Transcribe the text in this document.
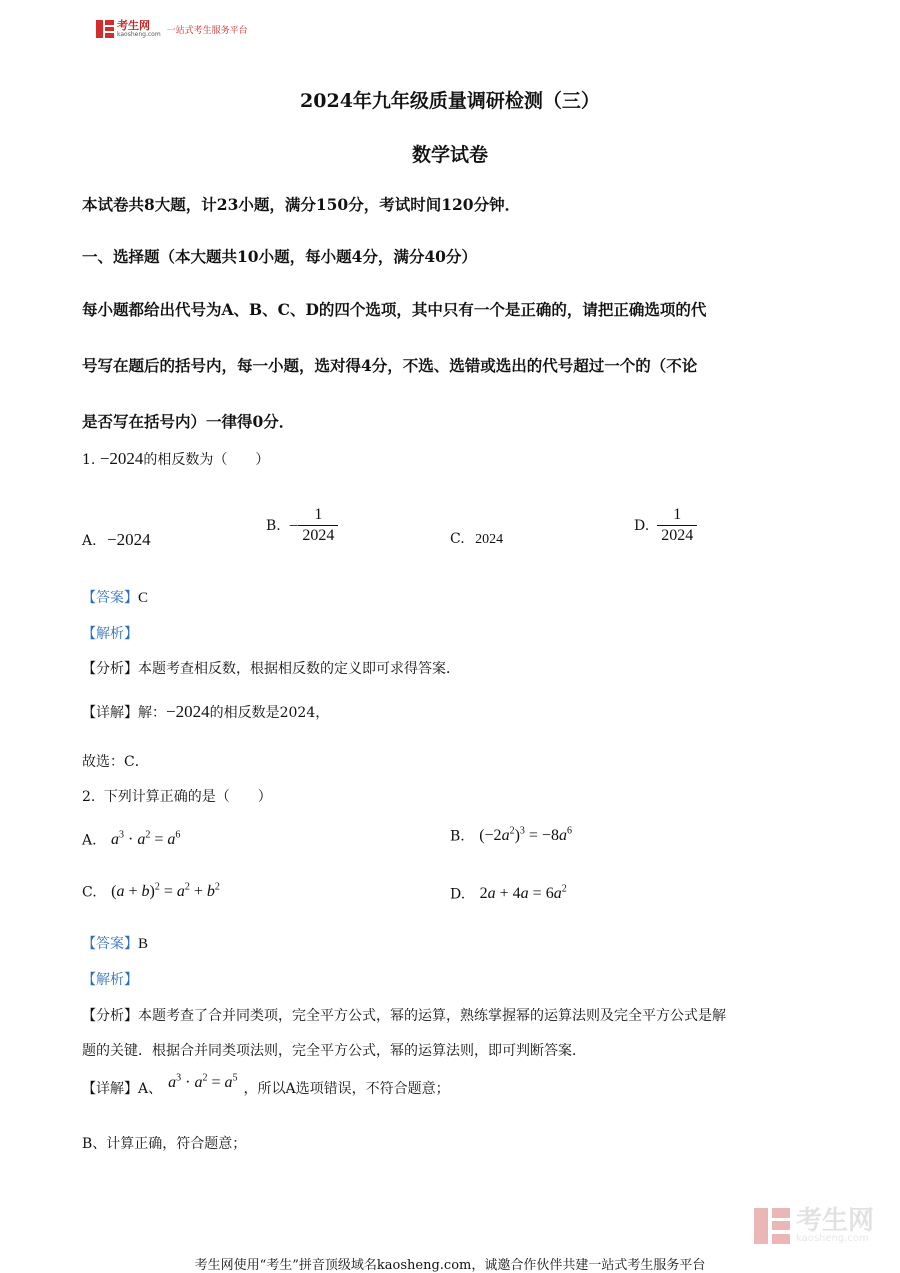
考生网
kaosheng.com 一站式考生服务平台
2024年九年级质量调研检测（三）
数学试卷
本试卷共8大题，计23小题，满分150分，考试时间120分钟．
一、选择题（本大题共10小题，每小题4分，满分40分）
每小题都给出代号为A、B、C、D的四个选项，其中只有一个是正确的，请把正确选项的代
号写在题后的括号内，每一小题，选对得4分，不选、选错或选出的代号超过一个的（不论
是否写在括号内）一律得0分．
1. −2024的相反数为（　　）
A. −2024
B. − $\frac{1}{2024}$	C. 2024
D. $\frac{1}{2024}$
【答案】C
【解析】
【分析】本题考查相反数，根据相反数的定义即可求得答案．
【详解】解：−2024的相反数是2024，
故选：C．
2. 下列计算正确的是（　　）
A. $a^3 \cdot a^2 = a^6$	B. $(-2a^2)^3 = -8a^6$
C. $(a + b)^2 = a^2 + b^2$	D. $2a + 4a = 6a^2$
【答案】B
【解析】
【分析】本题考查了合并同类项，完全平方公式，幂的运算，熟练掌握幂的运算法则及完全平方公式是解
题的关键．根据合并同类项法则，完全平方公式，幂的运算法则，即可判断答案．
【详解】A、 $a^3 \cdot a^2 = a^5$，所以A选项错误，不符合题意；
B、计算正确，符合题意；
考生网
kaosheng.com
考生网使用“考生”拼音顶级域名kaosheng.com，诚邀合作伙伴共建一站式考生服务平台
